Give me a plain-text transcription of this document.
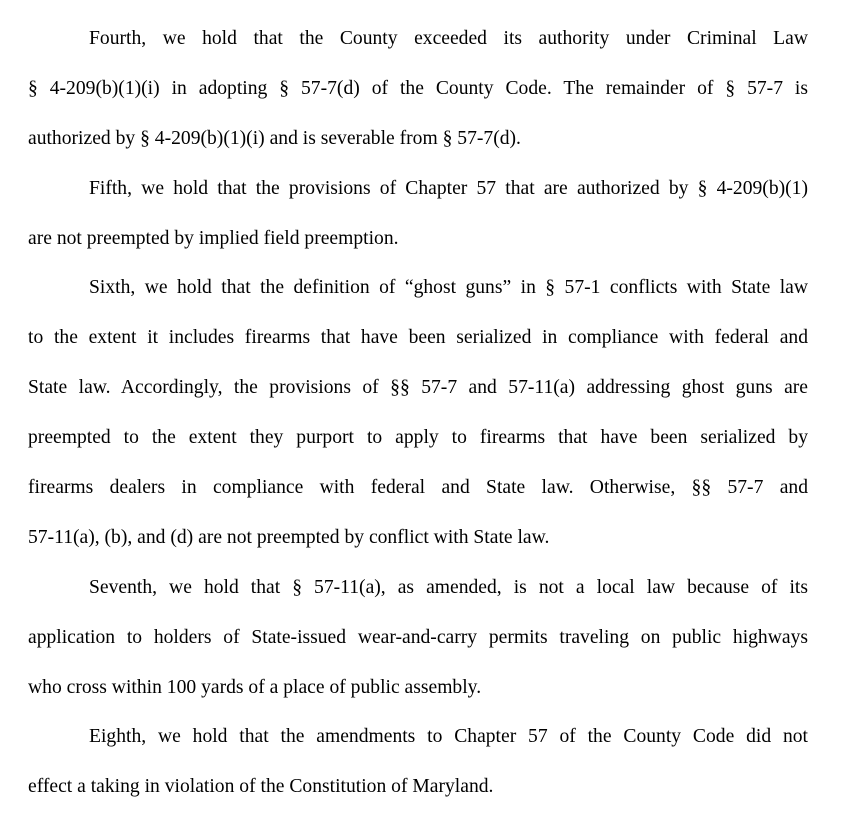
Fourth, we hold that the County exceeded its authority under Criminal Law
§ 4-209(b)(1)(i) in adopting § 57-7(d) of the County Code. The remainder of § 57-7 is
authorized by § 4-209(b)(1)(i) and is severable from § 57-7(d).
Fifth, we hold that the provisions of Chapter 57 that are authorized by § 4-209(b)(1)
are not preempted by implied field preemption.
Sixth, we hold that the definition of “ghost guns” in § 57-1 conflicts with State law
to the extent it includes firearms that have been serialized in compliance with federal and
State law. Accordingly, the provisions of §§ 57-7 and 57-11(a) addressing ghost guns are
preempted to the extent they purport to apply to firearms that have been serialized by
firearms dealers in compliance with federal and State law. Otherwise, §§ 57-7 and
57-11(a), (b), and (d) are not preempted by conflict with State law.
Seventh, we hold that § 57-11(a), as amended, is not a local law because of its
application to holders of State-issued wear-and-carry permits traveling on public highways
who cross within 100 yards of a place of public assembly.
Eighth, we hold that the amendments to Chapter 57 of the County Code did not
effect a taking in violation of the Constitution of Maryland.
